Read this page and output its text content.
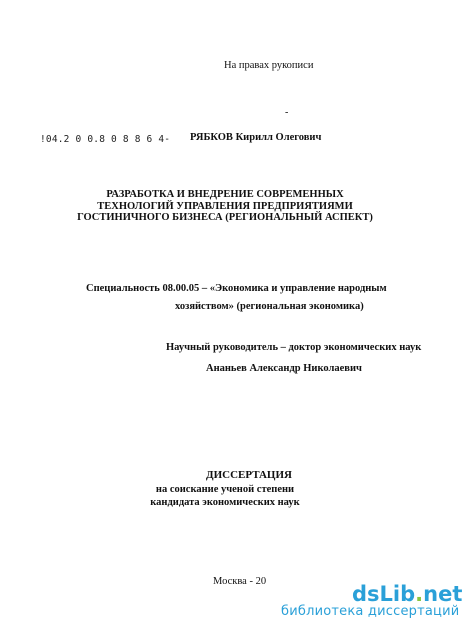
На правах рукописи
-
!04.2 0 0.8 0 8 8 6 4- РЯБКОВ Кирилл Олегович
РАЗРАБОТКА И ВНЕДРЕНИЕ СОВРЕМЕННЫХ
ТЕХНОЛОГИЙ УПРАВЛЕНИЯ ПРЕДПРИЯТИЯМИ
ГОСТИНИЧНОГО БИЗНЕСА (РЕГИОНАЛЬНЫЙ АСПЕКТ)
Специальность 08.00.05 – «Экономика и управление народным
хозяйством» (региональная экономика)
Научный руководитель – доктор экономических наук
Ананьев Александр Николаевич
ДИССЕРТАЦИЯ
на соискание ученой степени
кандидата экономических наук
Москва - 20
dsLib.net
библиотека диссертаций
